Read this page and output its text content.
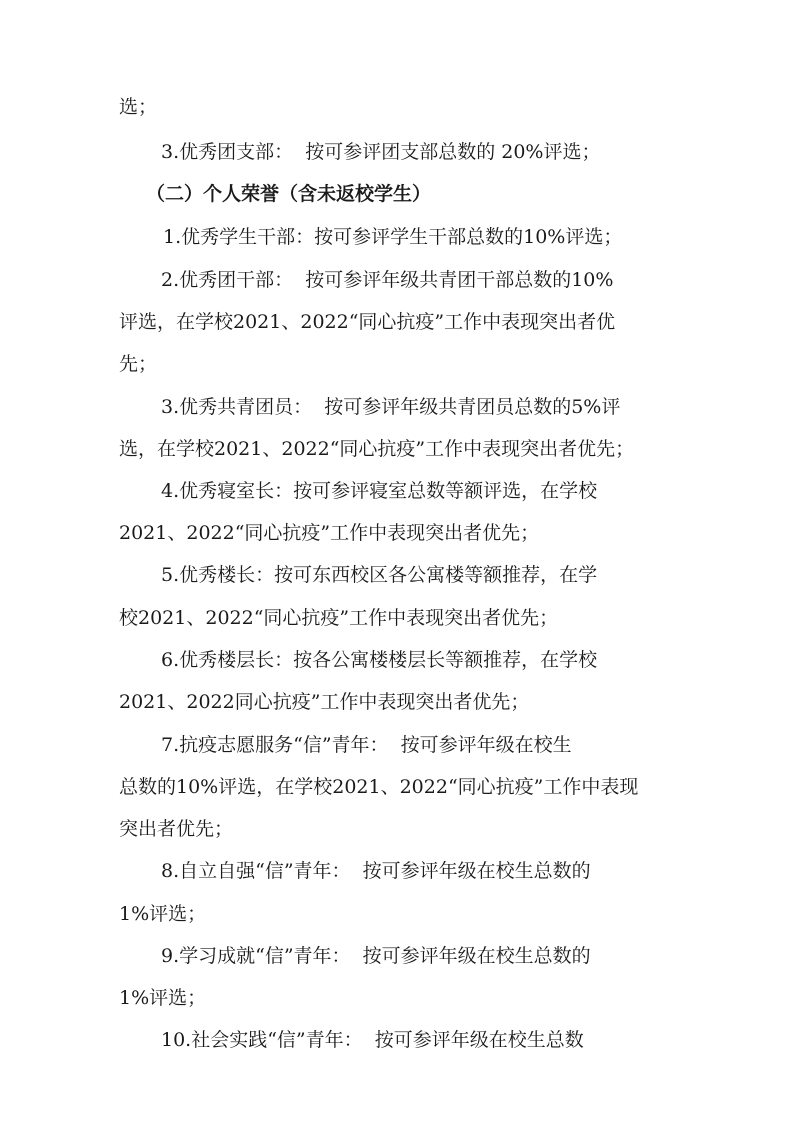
选；
3.优秀团支部：  按可参评团支部总数的 20%评选；
（二）个人荣誉（含未返校学生）
1.优秀学生干部：按可参评学生干部总数的10%评选；
2.优秀团干部：  按可参评年级共青团干部总数的10%
评选，在学校2021、2022“同心抗疫”工作中表现突出者优
先；
3.优秀共青团员：  按可参评年级共青团员总数的5%评
选，在学校2021、2022“同心抗疫”工作中表现突出者优先；
4.优秀寝室长：按可参评寝室总数等额评选，在学校
2021、2022“同心抗疫”工作中表现突出者优先；
5.优秀楼长：按可东西校区各公寓楼等额推荐，在学
校2021、2022“同心抗疫”工作中表现突出者优先；
6.优秀楼层长：按各公寓楼楼层长等额推荐，在学校
2021、2022同心抗疫”工作中表现突出者优先；
7.抗疫志愿服务“信”青年：  按可参评年级在校生
总数的10%评选，在学校2021、2022“同心抗疫”工作中表现
突出者优先；
8.自立自强“信”青年：  按可参评年级在校生总数的
1%评选；
9.学习成就“信”青年：  按可参评年级在校生总数的
1%评选；
10.社会实践“信”青年：  按可参评年级在校生总数
